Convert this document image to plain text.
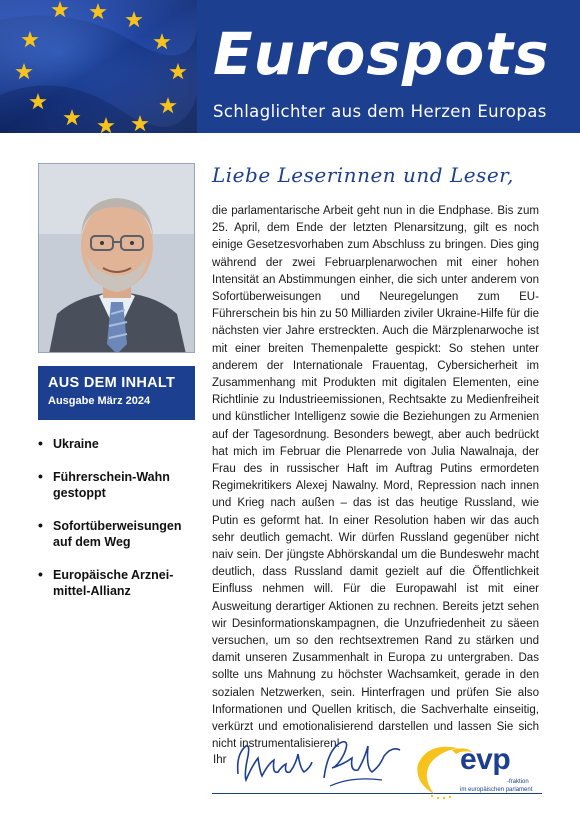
Eurospots
Schlaglichter aus dem Herzen Europas
AUS DEM INHALT
Ausgabe März 2024
• Ukraine
• Führerschein-Wahn gestoppt
• Sofortüberweisungen auf dem Weg
• Europäische Arznei-mittel-Allianz
Liebe Leserinnen und Leser,
die parlamentarische Arbeit geht nun in die Endphase. Bis zum 25. April, dem Ende der letzten Plenarsitzung, gilt es noch einige Gesetzesvorhaben zum Abschluss zu bringen. Dies ging während der zwei Februarplenarwochen mit einer hohen Intensität an Abstimmungen einher, die sich unter anderem von Sofortüberweisungen und Neuregelungen zum EU-Führerschein bis hin zu 50 Milliarden ziviler Ukraine-Hilfe für die nächsten vier Jahre erstreckten. Auch die Märzplenarwoche ist mit einer breiten Themenpalette gespickt: So stehen unter anderem der Internationale Frauentag, Cybersicherheit im Zusammenhang mit Produkten mit digitalen Elementen, eine Richtlinie zu Industrieemissionen, Rechtsakte zu Medienfreiheit und künstlicher Intelligenz sowie die Beziehungen zu Armenien auf der Tagesordnung. Besonders bewegt, aber auch bedrückt hat mich im Februar die Plenarrede von Julia Nawalnaja, der Frau des in russischer Haft im Auftrag Putins ermordeten Regimekritikers Alexej Nawalny. Mord, Repression nach innen und Krieg nach außen – das ist das heutige Russland, wie Putin es geformt hat. In einer Resolution haben wir das auch sehr deutlich gemacht. Wir dürfen Russland gegenüber nicht naiv sein. Der jüngste Abhörskandal um die Bundeswehr macht deutlich, dass Russland damit gezielt auf die Öffentlichkeit Einfluss nehmen will. Für die Europawahl ist mit einer Ausweitung derartiger Aktionen zu rechnen. Bereits jetzt sehen wir Desinformationskampagnen, die Unzufriedenheit zu säeen versuchen, um so den rechtsextremen Rand zu stärken und damit unseren Zusammenhalt in Europa zu untergraben. Das sollte uns Mahnung zu höchster Wachsamkeit, gerade in den sozialen Netzwerken, sein. Hinterfragen und prüfen Sie also Informationen und Quellen kritisch, die Sachverhalte einseitig, verkürzt und emotionalisierend darstellen und lassen Sie sich nicht instrumentalisieren!
Ihr	evp
-fraktion
im europäischen parlament
